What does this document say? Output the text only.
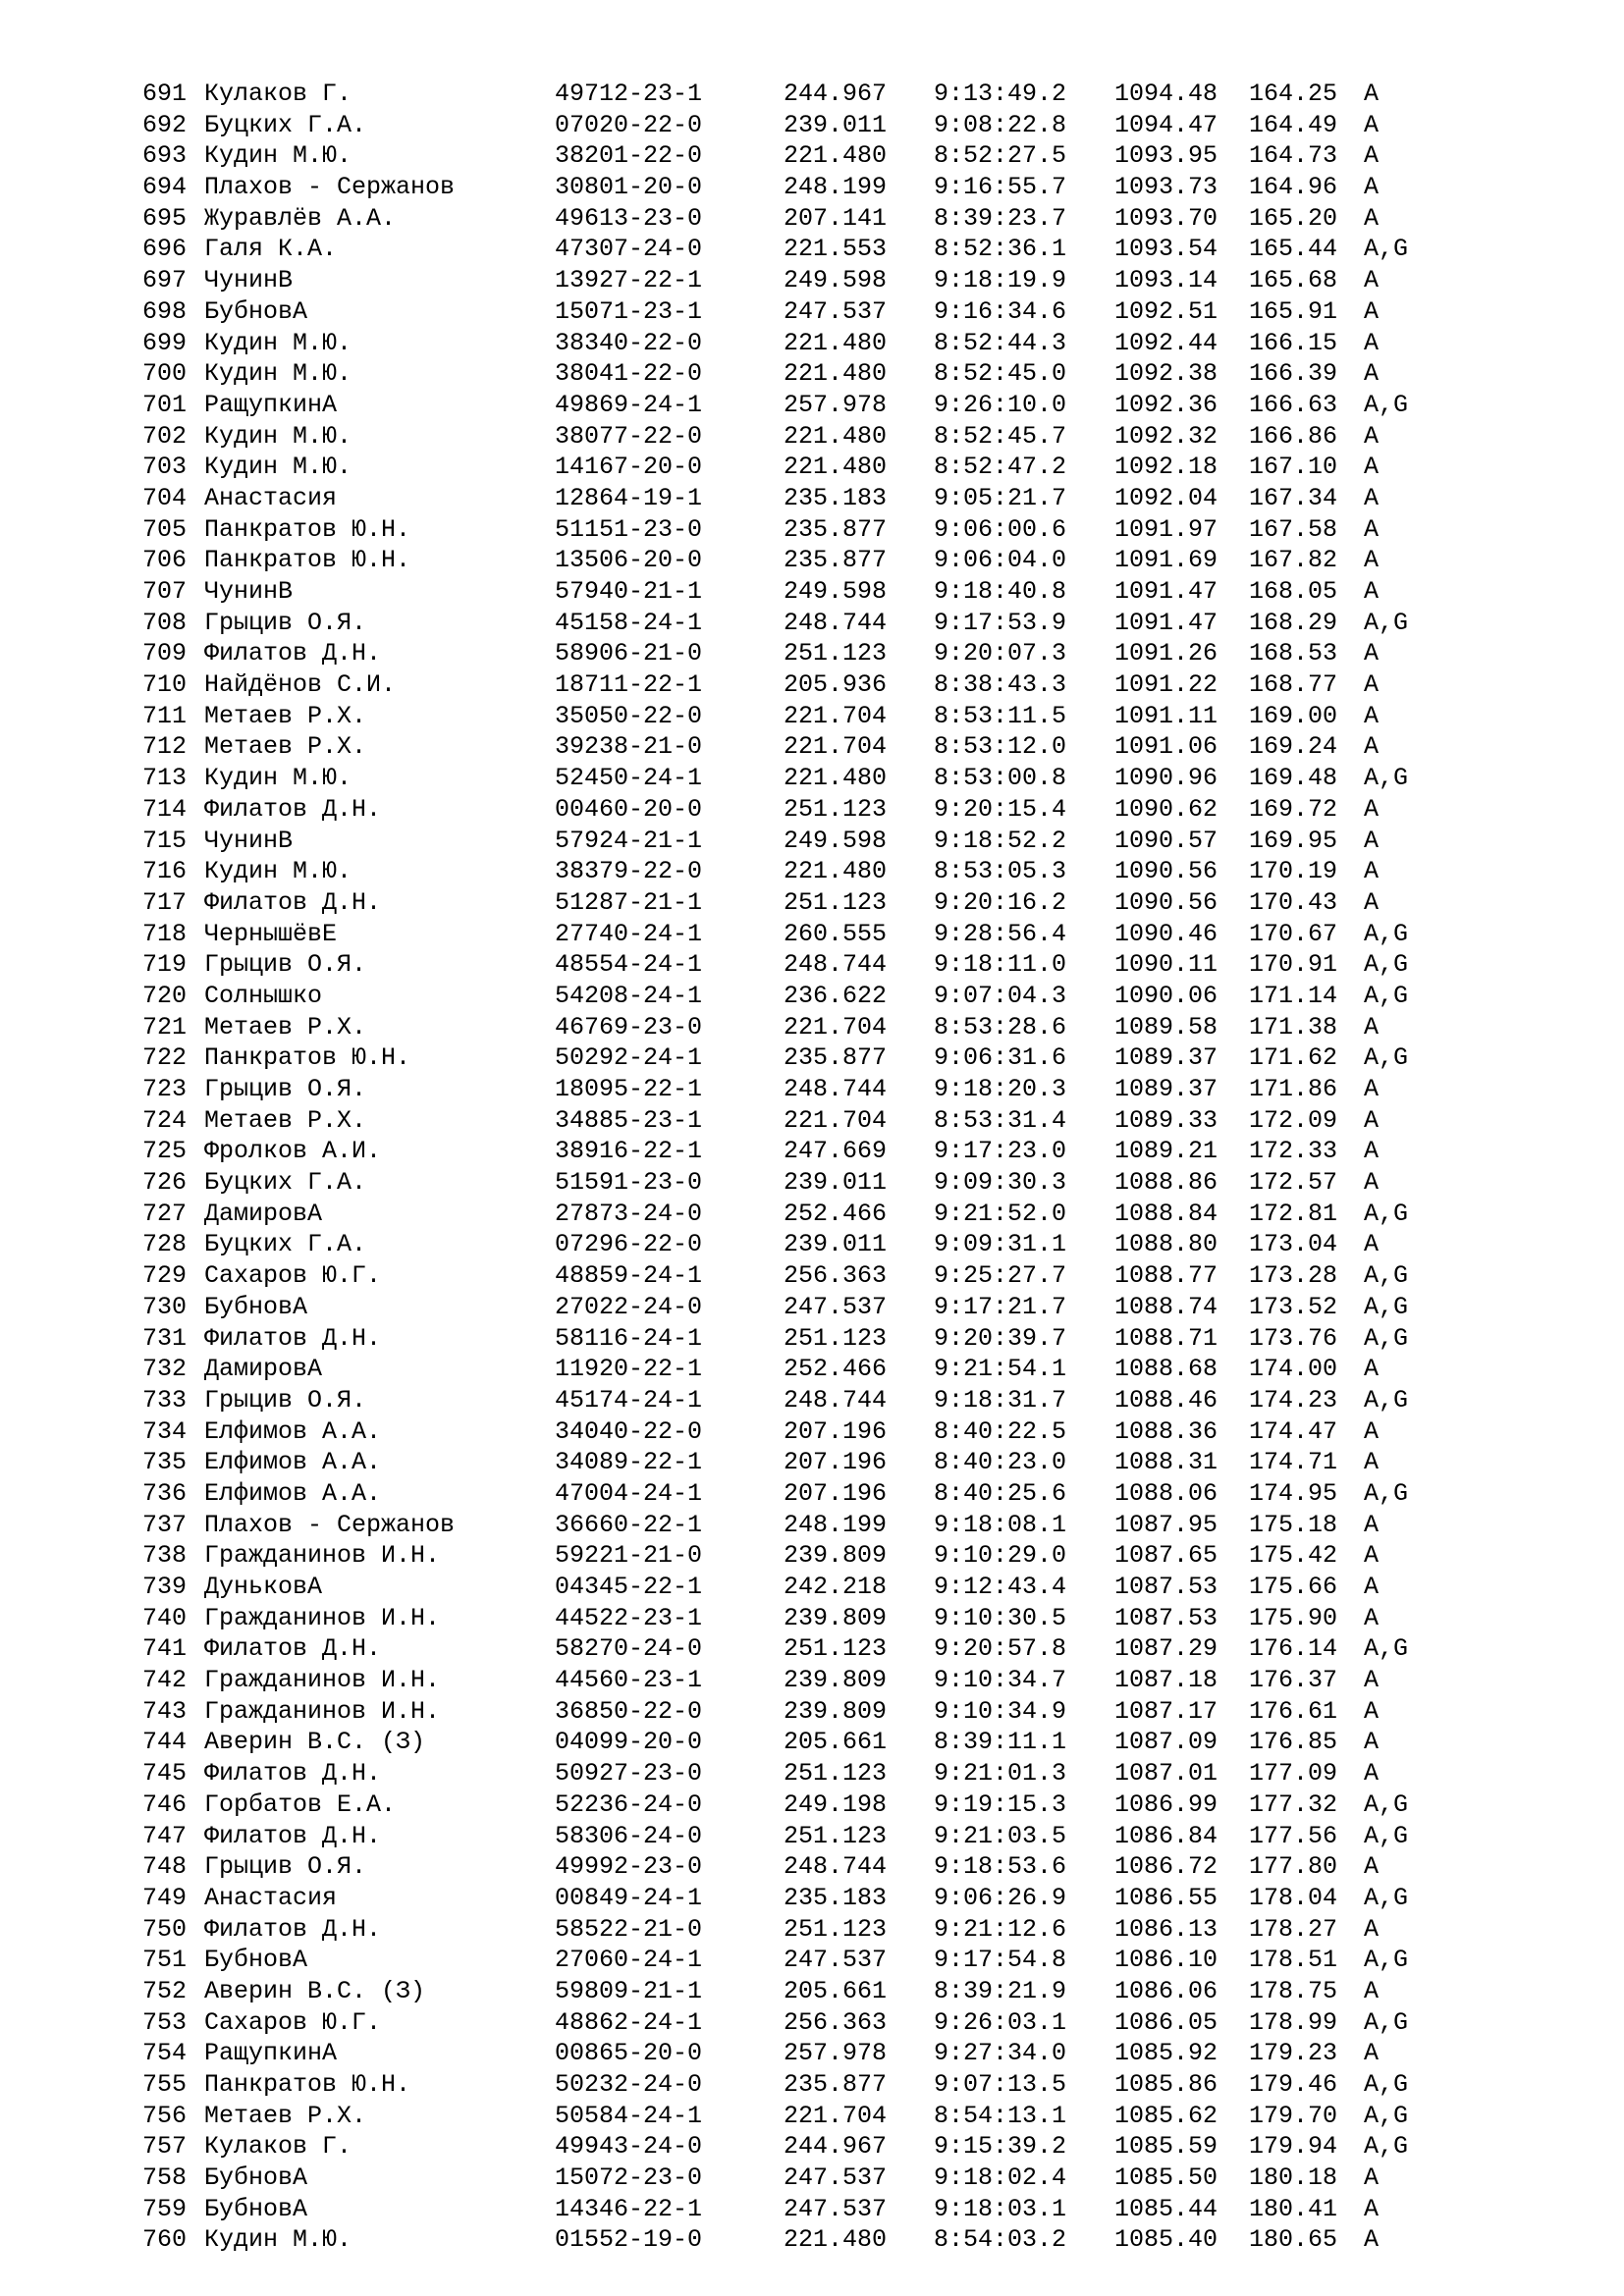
691 Кулаков Г.	49712-23-1	244.967 9:13:49.2 1094.48 164.25 A
692 Буцких Г.А.	07020-22-0	239.011 9:08:22.8 1094.47 164.49 A
693 Кудин М.Ю.	38201-22-0	221.480 8:52:27.5 1093.95 164.73 A
694 Плахов - Сержанов	30801-20-0	248.199 9:16:55.7 1093.73 164.96 A
695 Журавлёв А.А.	49613-23-0	207.141 8:39:23.7 1093.70 165.20 A
696 Галя К.А.	47307-24-0	221.553 8:52:36.1 1093.54 165.44 A,G
697 ЧунинВ	13927-22-1	249.598 9:18:19.9 1093.14 165.68 A
698 БубновА	15071-23-1	247.537 9:16:34.6 1092.51 165.91 A
699 Кудин М.Ю.	38340-22-0	221.480 8:52:44.3 1092.44 166.15 A
700 Кудин М.Ю.	38041-22-0	221.480 8:52:45.0 1092.38 166.39 A
701 РащупкинА	49869-24-1	257.978 9:26:10.0 1092.36 166.63 A,G
702 Кудин М.Ю.	38077-22-0	221.480 8:52:45.7 1092.32 166.86 A
703 Кудин М.Ю.	14167-20-0	221.480 8:52:47.2 1092.18 167.10 A
704 Анастасия	12864-19-1	235.183 9:05:21.7 1092.04 167.34 A
705 Панкратов Ю.Н.	51151-23-0	235.877 9:06:00.6 1091.97 167.58 A
706 Панкратов Ю.Н.	13506-20-0	235.877 9:06:04.0 1091.69 167.82 A
707 ЧунинВ	57940-21-1	249.598 9:18:40.8 1091.47 168.05 A
708 Грыцив О.Я.	45158-24-1	248.744 9:17:53.9 1091.47 168.29 A,G
709 Филатов Д.Н.	58906-21-0	251.123 9:20:07.3 1091.26 168.53 A
710 Найдёнов С.И.	18711-22-1	205.936 8:38:43.3 1091.22 168.77 A
711 Метаев Р.Х.	35050-22-0	221.704 8:53:11.5 1091.11 169.00 A
712 Метаев Р.Х.	39238-21-0	221.704 8:53:12.0 1091.06 169.24 A
713 Кудин М.Ю.	52450-24-1	221.480 8:53:00.8 1090.96 169.48 A,G
714 Филатов Д.Н.	00460-20-0	251.123 9:20:15.4 1090.62 169.72 A
715 ЧунинВ	57924-21-1	249.598 9:18:52.2 1090.57 169.95 A
716 Кудин М.Ю.	38379-22-0	221.480 8:53:05.3 1090.56 170.19 A
717 Филатов Д.Н.	51287-21-1	251.123 9:20:16.2 1090.56 170.43 A
718 ЧернышёвЕ	27740-24-1	260.555 9:28:56.4 1090.46 170.67 A,G
719 Грыцив О.Я.	48554-24-1	248.744 9:18:11.0 1090.11 170.91 A,G
720 Солнышко	54208-24-1	236.622 9:07:04.3 1090.06 171.14 A,G
721 Метаев Р.Х.	46769-23-0	221.704 8:53:28.6 1089.58 171.38 A
722 Панкратов Ю.Н.	50292-24-1	235.877 9:06:31.6 1089.37 171.62 A,G
723 Грыцив О.Я.	18095-22-1	248.744 9:18:20.3 1089.37 171.86 A
724 Метаев Р.Х.	34885-23-1	221.704 8:53:31.4 1089.33 172.09 A
725 Фролков А.И.	38916-22-1	247.669 9:17:23.0 1089.21 172.33 A
726 Буцких Г.А.	51591-23-0	239.011 9:09:30.3 1088.86 172.57 A
727 ДамировА	27873-24-0	252.466 9:21:52.0 1088.84 172.81 A,G
728 Буцких Г.А.	07296-22-0	239.011 9:09:31.1 1088.80 173.04 A
729 Сахаров Ю.Г.	48859-24-1	256.363 9:25:27.7 1088.77 173.28 A,G
730 БубновА	27022-24-0	247.537 9:17:21.7 1088.74 173.52 A,G
731 Филатов Д.Н.	58116-24-1	251.123 9:20:39.7 1088.71 173.76 A,G
732 ДамировА	11920-22-1	252.466 9:21:54.1 1088.68 174.00 A
733 Грыцив О.Я.	45174-24-1	248.744 9:18:31.7 1088.46 174.23 A,G
734 Елфимов А.А.	34040-22-0	207.196 8:40:22.5 1088.36 174.47 A
735 Елфимов А.А.	34089-22-1	207.196 8:40:23.0 1088.31 174.71 A
736 Елфимов А.А.	47004-24-1	207.196 8:40:25.6 1088.06 174.95 A,G
737 Плахов - Сержанов	36660-22-1	248.199 9:18:08.1 1087.95 175.18 A
738 Гражданинов И.Н.	59221-21-0	239.809 9:10:29.0 1087.65 175.42 A
739 ДуньковА	04345-22-1	242.218 9:12:43.4 1087.53 175.66 A
740 Гражданинов И.Н.	44522-23-1	239.809 9:10:30.5 1087.53 175.90 A
741 Филатов Д.Н.	58270-24-0	251.123 9:20:57.8 1087.29 176.14 A,G
742 Гражданинов И.Н.	44560-23-1	239.809 9:10:34.7 1087.18 176.37 A
743 Гражданинов И.Н.	36850-22-0	239.809 9:10:34.9 1087.17 176.61 A
744 Аверин В.С. (З)	04099-20-0	205.661 8:39:11.1 1087.09 176.85 A
745 Филатов Д.Н.	50927-23-0	251.123 9:21:01.3 1087.01 177.09 A
746 Горбатов Е.А.	52236-24-0	249.198 9:19:15.3 1086.99 177.32 A,G
747 Филатов Д.Н.	58306-24-0	251.123 9:21:03.5 1086.84 177.56 A,G
748 Грыцив О.Я.	49992-23-0	248.744 9:18:53.6 1086.72 177.80 A
749 Анастасия	00849-24-1	235.183 9:06:26.9 1086.55 178.04 A,G
750 Филатов Д.Н.	58522-21-0	251.123 9:21:12.6 1086.13 178.27 A
751 БубновА	27060-24-1	247.537 9:17:54.8 1086.10 178.51 A,G
752 Аверин В.С. (З)	59809-21-1	205.661 8:39:21.9 1086.06 178.75 A
753 Сахаров Ю.Г.	48862-24-1	256.363 9:26:03.1 1086.05 178.99 A,G
754 РащупкинА	00865-20-0	257.978 9:27:34.0 1085.92 179.23 A
755 Панкратов Ю.Н.	50232-24-0	235.877 9:07:13.5 1085.86 179.46 A,G
756 Метаев Р.Х.	50584-24-1	221.704 8:54:13.1 1085.62 179.70 A,G
757 Кулаков Г.	49943-24-0	244.967 9:15:39.2 1085.59 179.94 A,G
758 БубновА	15072-23-0	247.537 9:18:02.4 1085.50 180.18 A
759 БубновА	14346-22-1	247.537 9:18:03.1 1085.44 180.41 A
760 Кудин М.Ю.	01552-19-0	221.480 8:54:03.2 1085.40 180.65 A
